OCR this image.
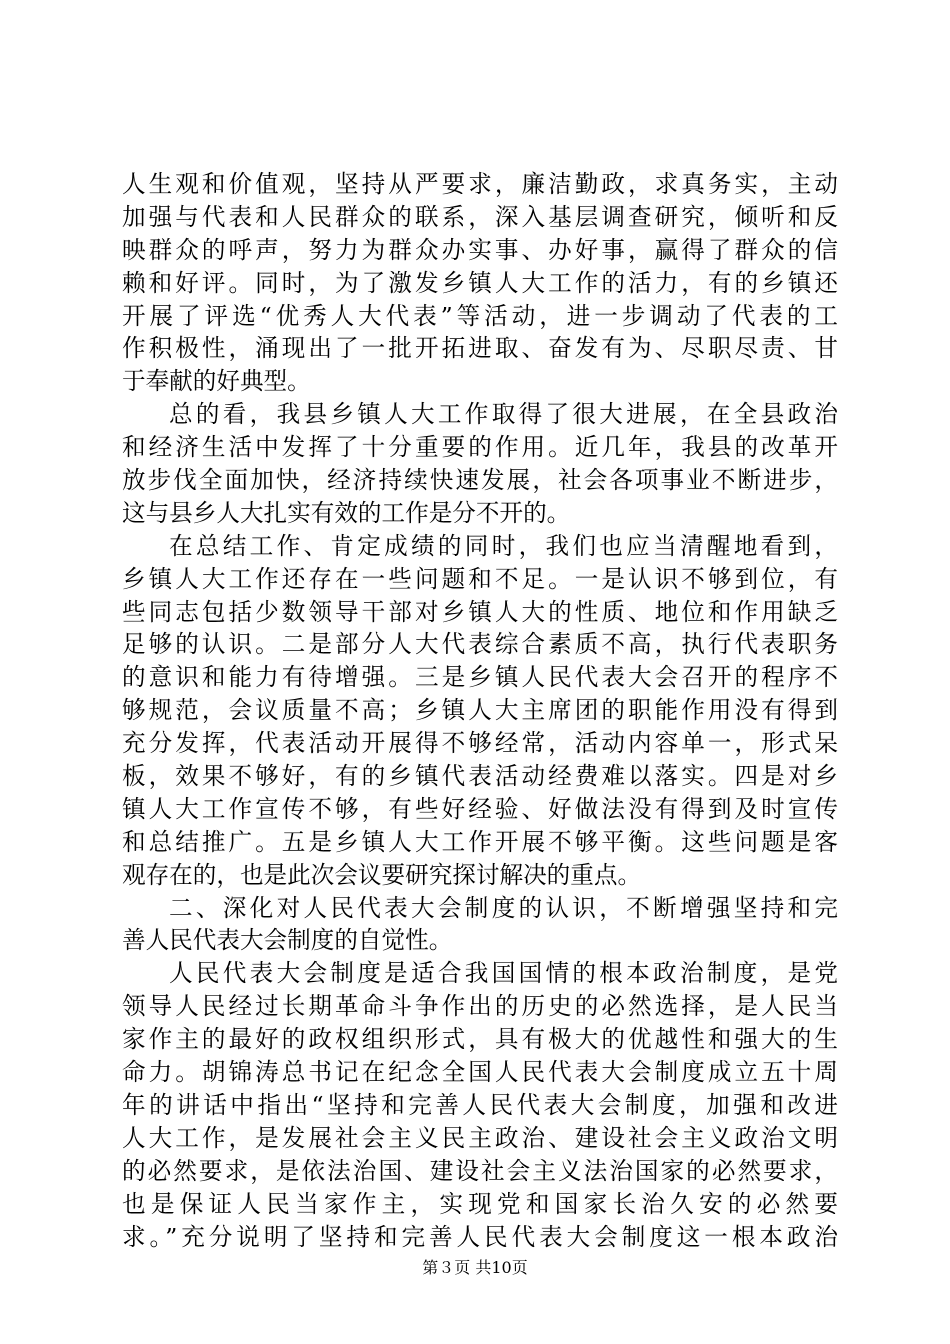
人生观和价值观，坚持从严要求，廉洁勤政，求真务实，主动
加强与代表和人民群众的联系，深入基层调查研究，倾听和反
映群众的呼声，努力为群众办实事、办好事，赢得了群众的信
赖和好评。同时，为了激发乡镇人大工作的活力，有的乡镇还
开展了评选“优秀人大代表”等活动，进一步调动了代表的工
作积极性，涌现出了一批开拓进取、奋发有为、尽职尽责、甘
于奉献的好典型。
总的看，我县乡镇人大工作取得了很大进展，在全县政治
和经济生活中发挥了十分重要的作用。近几年，我县的改革开
放步伐全面加快，经济持续快速发展，社会各项事业不断进步，
这与县乡人大扎实有效的工作是分不开的。
在总结工作、肯定成绩的同时，我们也应当清醒地看到，
乡镇人大工作还存在一些问题和不足。一是认识不够到位，有
些同志包括少数领导干部对乡镇人大的性质、地位和作用缺乏
足够的认识。二是部分人大代表综合素质不高，执行代表职务
的意识和能力有待增强。三是乡镇人民代表大会召开的程序不
够规范，会议质量不高；乡镇人大主席团的职能作用没有得到
充分发挥，代表活动开展得不够经常，活动内容单一，形式呆
板，效果不够好，有的乡镇代表活动经费难以落实。四是对乡
镇人大工作宣传不够，有些好经验、好做法没有得到及时宣传
和总结推广。五是乡镇人大工作开展不够平衡。这些问题是客
观存在的，也是此次会议要研究探讨解决的重点。
二、深化对人民代表大会制度的认识，不断增强坚持和完
善人民代表大会制度的自觉性。
人民代表大会制度是适合我国国情的根本政治制度，是党
领导人民经过长期革命斗争作出的历史的必然选择，是人民当
家作主的最好的政权组织形式，具有极大的优越性和强大的生
命力。胡锦涛总书记在纪念全国人民代表大会制度成立五十周
年的讲话中指出“坚持和完善人民代表大会制度，加强和改进
人大工作，是发展社会主义民主政治、建设社会主义政治文明
的必然要求，是依法治国、建设社会主义法治国家的必然要求，
也是保证人民当家作主，实现党和国家长治久安的必然要
求。”充分说明了坚持和完善人民代表大会制度这一根本政治
第３页 共10页
